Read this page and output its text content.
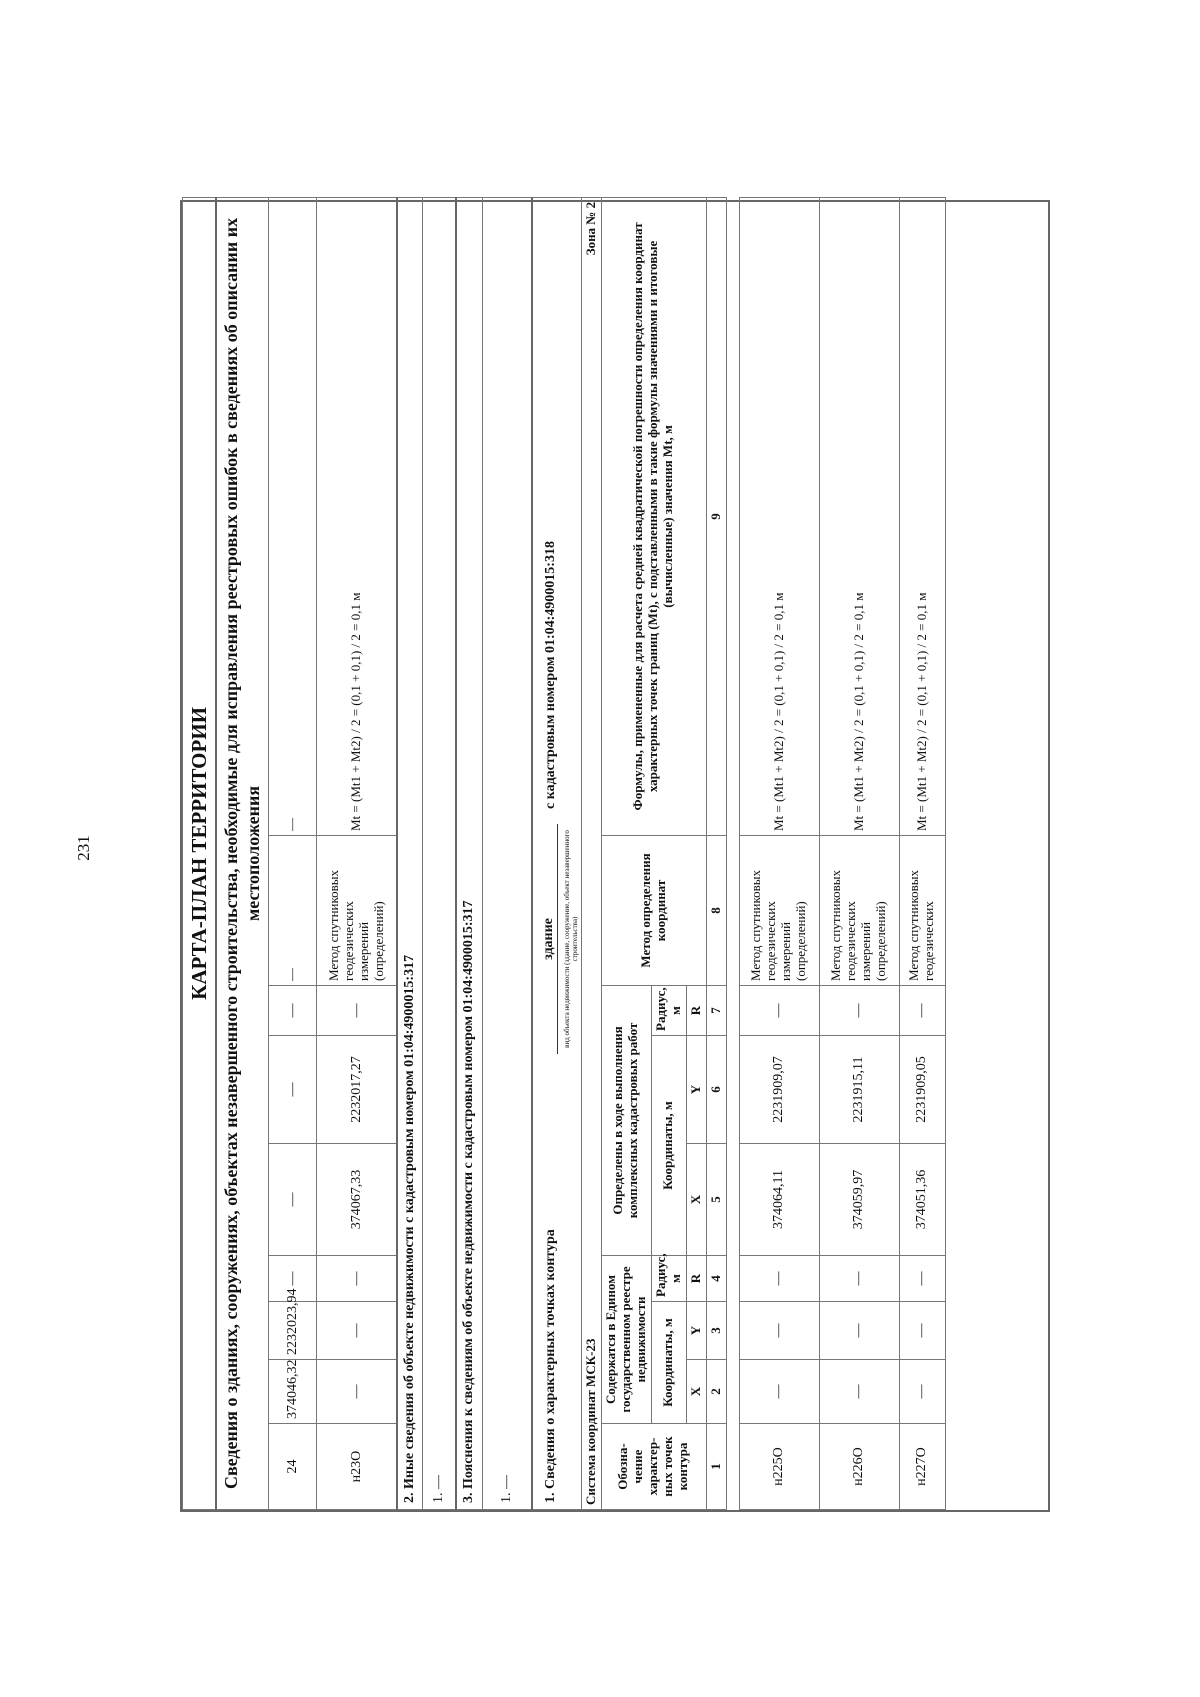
231	КАРТА-ПЛАН ТЕРРИТОРИИ								
Сведения о зданиях, сооружениях, объектах незавершенного строительства, необходимые для исправления реестровых ошибок в сведениях об описании их местоположения								
24	374046,32	2232023,94	—	—	—	—	—	—
н23О	—	—	—	374067,33	2232017,27	—	Метод спутниковых геодезических измерений (определений)	Mt = (Mt1 + Mt2) / 2 = (0,1 + 0,1) / 2 = 0,1 м
2. Иные сведения об объекте недвижимости с кадастровым номером 01:04:4900015:317								
1. —								
3. Пояснения к сведениям об объекте недвижимости с кадастровым номером 01:04:4900015:317								
1. —								

1. Сведения о характерных точках контура
здание вид объекта недвижимости (здание, сооружение, объект незавершенного строительства)
с кадастровым номером 01:04:4900015:318								

Система координат МСК-23							Зона № 2	
Обозна-чение характер-ных точек контура	Содержатся в Едином государственном реестре недвижимости			Определены в ходе выполнения комплексных кадастровых работ			Метод определения координат	Формулы, примененные для расчета средней квадратической погрешности определения координат характерных точек границ (Mt), с подставленными в такие формулы значениями и итоговые (вычисленные) значения Mt, м
	Координаты, м		Радиус, м	Координаты, м		Радиус, м		
	X	Y	R	X	Y	R		
1	2	3	4	5	6	7	8	9

н225О	—	—	—	374064,11	2231909,07	—	Метод спутниковых геодезических измерений (определений)	Mt = (Mt1 + Mt2) / 2 = (0,1 + 0,1) / 2 = 0,1 м
н226О	—	—	—	374059,97	2231915,11	—	Метод спутниковых геодезических измерений (определений)	Mt = (Mt1 + Mt2) / 2 = (0,1 + 0,1) / 2 = 0,1 м
н227О	—	—	—	374051,36	2231909,05	—	Метод спутниковых геодезических	Mt = (Mt1 + Mt2) / 2 = (0,1 + 0,1) / 2 = 0,1 м
